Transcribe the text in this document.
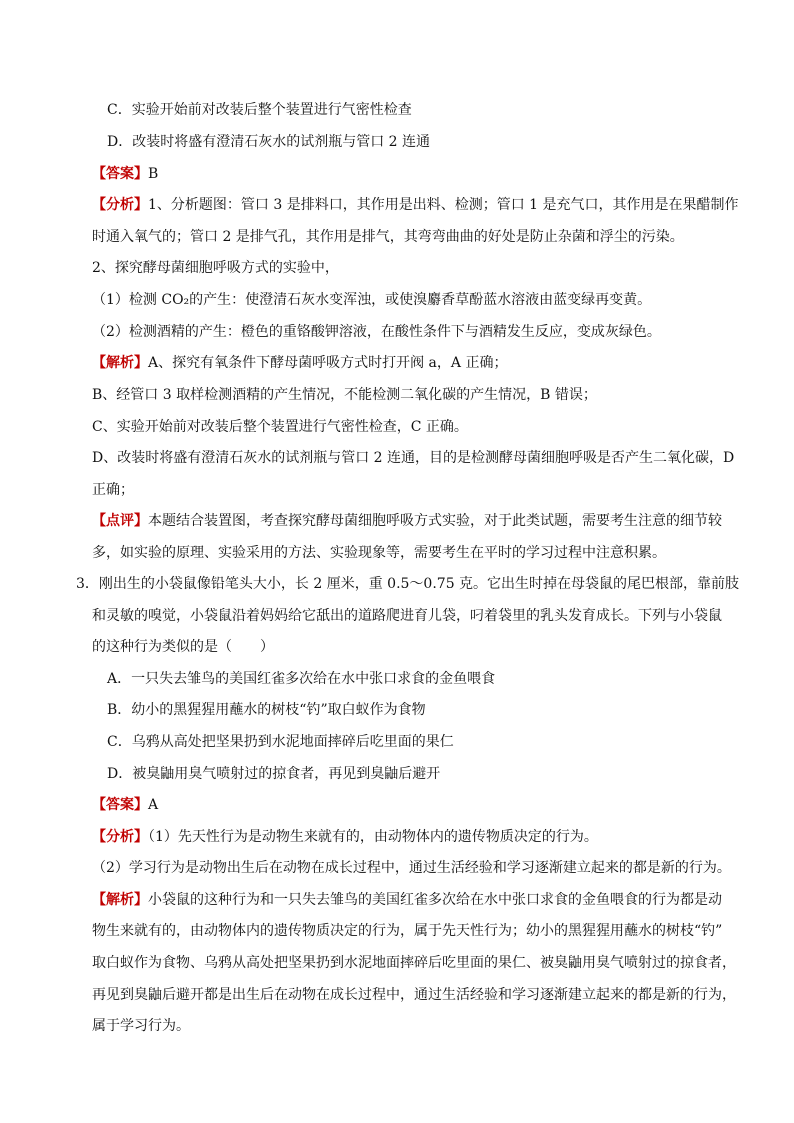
C．实验开始前对改装后整个装置进行气密性检查
D．改装时将盛有澄清石灰水的试剂瓶与管口 2 连通
【答案】B
【分析】1、分析题图：管口 3 是排料口，其作用是出料、检测；管口 1 是充气口，其作用是在果醋制作
时通入氧气的；管口 2 是排气孔，其作用是排气，其弯弯曲曲的好处是防止杂菌和浮尘的污染。
2、探究酵母菌细胞呼吸方式的实验中，
（1）检测 CO₂的产生：使澄清石灰水变浑浊，或使溴麝香草酚蓝水溶液由蓝变绿再变黄。
（2）检测酒精的产生：橙色的重铬酸钾溶液，在酸性条件下与酒精发生反应，变成灰绿色。
【解析】A、探究有氧条件下酵母菌呼吸方式时打开阀 a，A 正确；
B、经管口 3 取样检测酒精的产生情况，不能检测二氧化碳的产生情况，B 错误；
C、实验开始前对改装后整个装置进行气密性检查，C 正确。
D、改装时将盛有澄清石灰水的试剂瓶与管口 2 连通，目的是检测酵母菌细胞呼吸是否产生二氧化碳，D
正确；
【点评】本题结合装置图，考查探究酵母菌细胞呼吸方式实验，对于此类试题，需要考生注意的细节较
多，如实验的原理、实验采用的方法、实验现象等，需要考生在平时的学习过程中注意积累。
3．刚出生的小袋鼠像铅笔头大小，长 2 厘米，重 0.5～0.75 克。它出生时掉在母袋鼠的尾巴根部，靠前肢
和灵敏的嗅觉，小袋鼠沿着妈妈给它舐出的道路爬进育儿袋，叼着袋里的乳头发育成长。下列与小袋鼠
的这种行为类似的是（　　）
A．一只失去雏鸟的美国红雀多次给在水中张口求食的金鱼喂食
B．幼小的黑猩猩用蘸水的树枝“钓”取白蚁作为食物
C．乌鸦从高处把坚果扔到水泥地面摔碎后吃里面的果仁
D．被臭鼬用臭气喷射过的掠食者，再见到臭鼬后避开
【答案】A
【分析】（1）先天性行为是动物生来就有的，由动物体内的遗传物质决定的行为。
（2）学习行为是动物出生后在动物在成长过程中，通过生活经验和学习逐渐建立起来的都是新的行为。
【解析】小袋鼠的这种行为和一只失去雏鸟的美国红雀多次给在水中张口求食的金鱼喂食的行为都是动
物生来就有的，由动物体内的遗传物质决定的行为，属于先天性行为；幼小的黑猩猩用蘸水的树枝“钓”
取白蚁作为食物、乌鸦从高处把坚果扔到水泥地面摔碎后吃里面的果仁、被臭鼬用臭气喷射过的掠食者，
再见到臭鼬后避开都是出生后在动物在成长过程中，通过生活经验和学习逐渐建立起来的都是新的行为，
属于学习行为。
